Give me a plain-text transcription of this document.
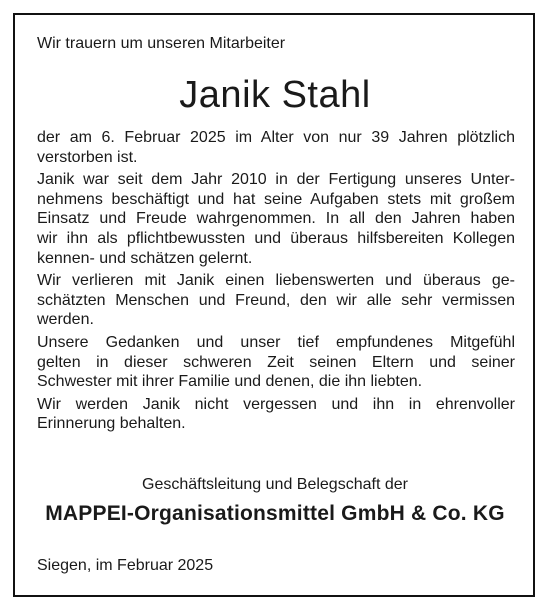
Wir trauern um unseren Mitarbeiter
Janik Stahl

der am 6. Februar 2025 im Alter von nur 39 Jahren plötzlich
verstorben ist.

Janik war seit dem Jahr 2010 in der Fertigung unseres Unter-
nehmens beschäftigt und hat seine Aufgaben stets mit großem
Einsatz und Freude wahrgenommen. In all den Jahren haben
wir ihn als pflichtbewussten und überaus hilfsbereiten Kollegen
kennen- und schätzen gelernt.

Wir verlieren mit Janik einen liebenswerten und überaus ge-
schätzten Menschen und Freund, den wir alle sehr vermissen
werden.

Unsere Gedanken und unser tief empfundenes Mitgefühl
gelten in dieser schweren Zeit seinen Eltern und seiner
Schwester mit ihrer Familie und denen, die ihn liebten.

Wir werden Janik nicht vergessen und ihn in ehrenvoller
Erinnerung behalten.

Geschäftsleitung und Belegschaft der
MAPPEI-Organisationsmittel GmbH & Co. KG
Siegen, im Februar 2025
